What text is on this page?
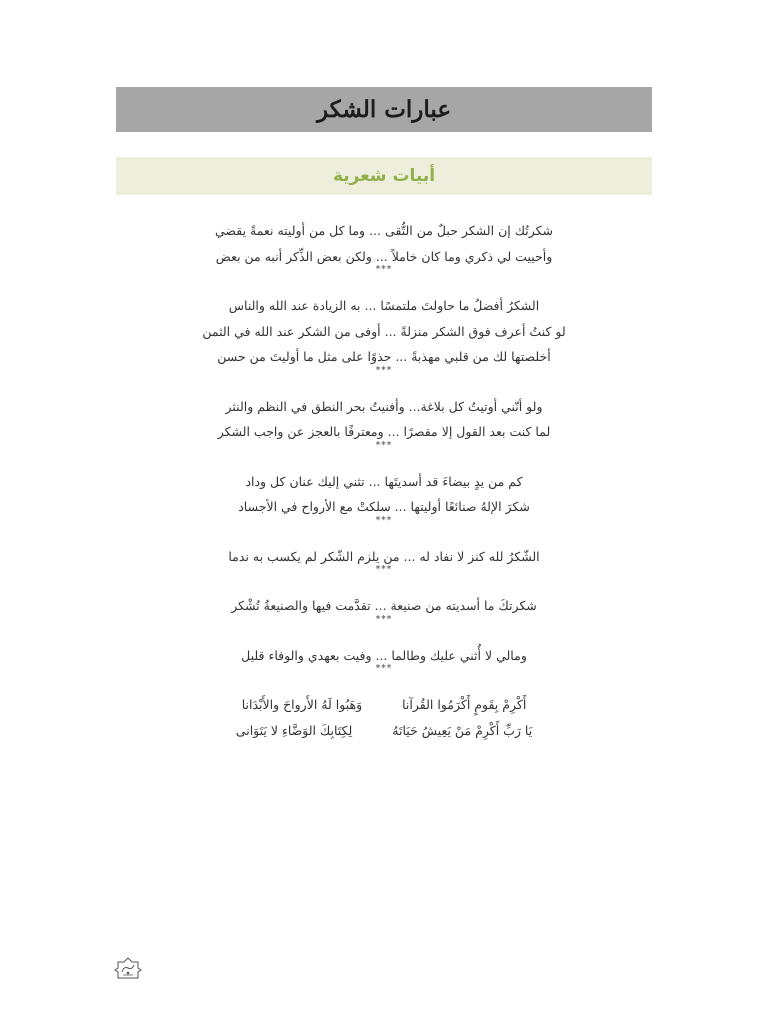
عبارات الشكر
أبيات شعرية
شكرتُك إن الشكر حبلٌ من التُّقى ... وما كل من أوليته نعمةً يقضي
وأحييت لي ذكري وما كان خاملاً ... ولكن بعض الذِّكر أنبه من بعض
***
الشكرُ أفضلُ ما حاولتَ ملتمسًا ... به الزيادة عند الله والناس
لو كنتُ أعرف فوق الشكر منزلةً ... أوفى من الشكر عند الله في الثمن
أخلصتها لك من قلبي مهذبةً ... حذوًا على مثل ما أوليتَ من حسن
***
ولو أنّني أوتيتُ كل بلاغة... وأفنيتُ بحر النطق في النظم والنثر
لما كنت بعد القول إلا مقصرًا ... ومعترفًا بالعجز عن واجب الشكر
***
كم من يدٍ بيضاءَ قد أسديتَها ... تثني إليك عنان كل وداد
شكرَ الإلهُ صنائعًا أوليتها ... سلكتْ مع الأرواح في الأجساد
***
الشّكرُ لله كنز لا نفاد له ... من يلزم الشّكر لم يكسب به ندما
***
شكرتكَ ما أسديته من صنيعة ... تقدَّمت فيها والصنيعةُ تُشْكر
***
ومالي لا أُثني عليك وطالما ... وفيت بعهدي والوفاء قليل
***
أَكْرِمْ بِقَومٍ أَكْرَمُوا القُرآنا
وَهَبُوا لَهُ الأَرواحَ والأَبْدَانا
يَا رَبِّ أَكْرِمْ مَنْ يَعِيشُ حَيَاتَهُ
لِكِتَابِكَ الوَضَّاءِ لا يَتَوَانى
